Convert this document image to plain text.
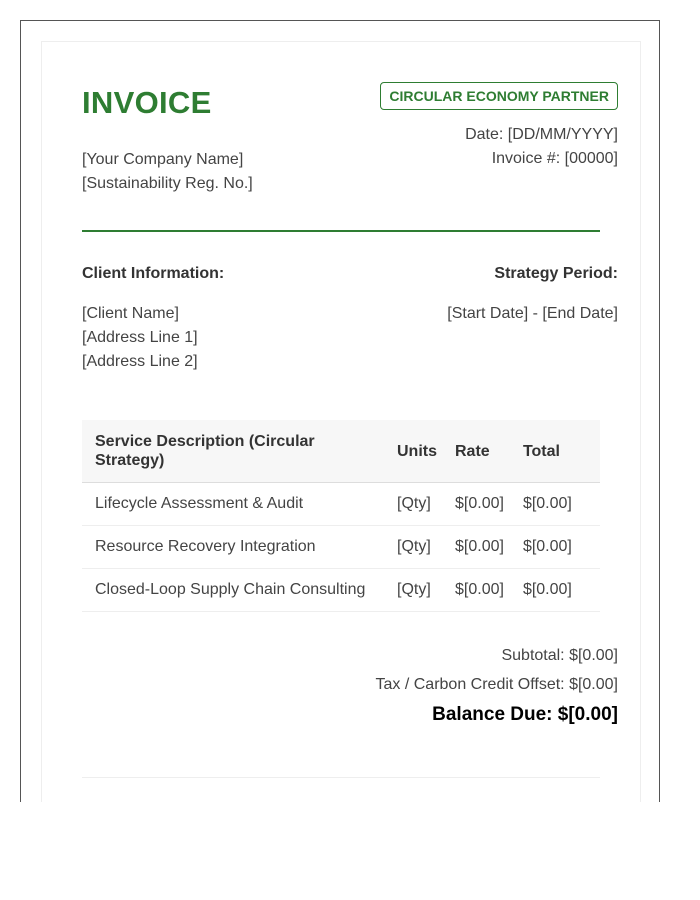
INVOICE	CIRCULAR ECONOMY PARTNER
[Your Company Name]
[Sustainability Reg. No.]
Date: [DD/MM/YYYY]
Invoice #: [00000]
Client Information:	Strategy Period:
[Client Name]
[Address Line 1]
[Address Line 2]
[Start Date] - [End Date]
Service Description (Circular Strategy)	Units	Rate	Total
Lifecycle Assessment & Audit	[Qty]	$[0.00]	$[0.00]
Resource Recovery Integration	[Qty]	$[0.00]	$[0.00]
Closed-Loop Supply Chain Consulting	[Qty]	$[0.00]	$[0.00]
Subtotal: $[0.00]
Tax / Carbon Credit Offset: $[0.00]
Balance Due: $[0.00]
